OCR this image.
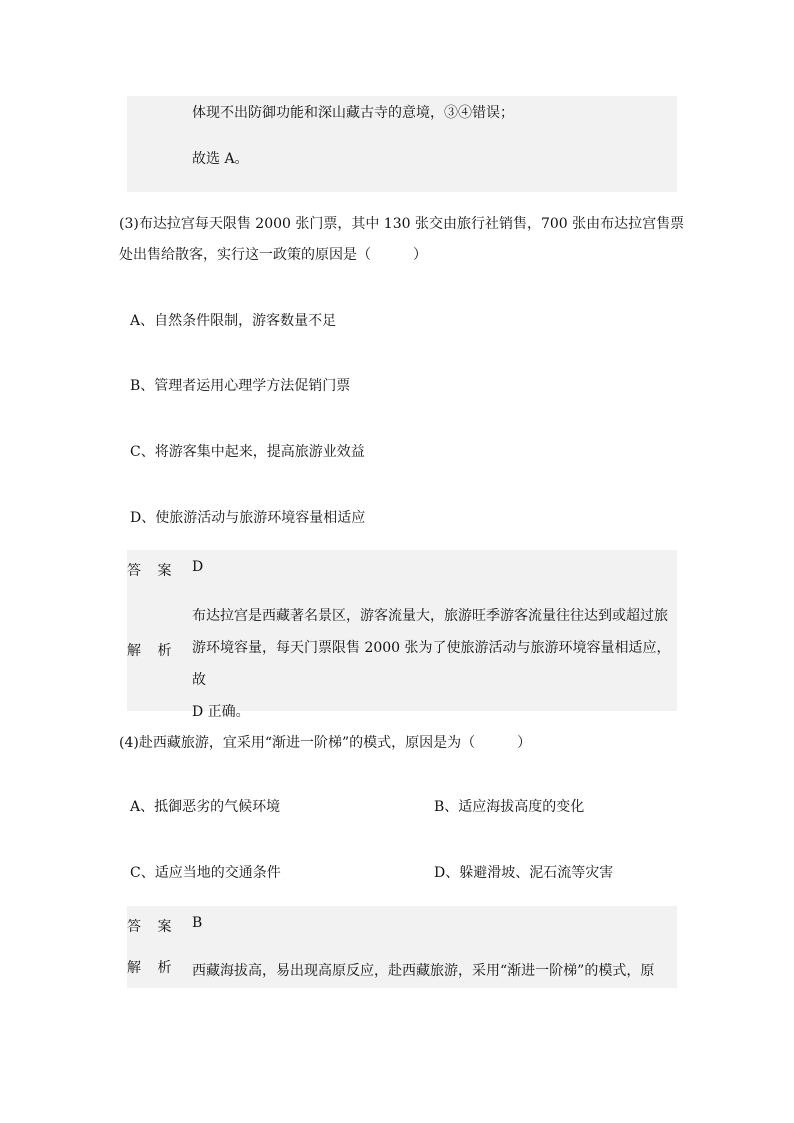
体现不出防御功能和深山藏古寺的意境，③④错误；
故选 A。
(3)布达拉宫每天限售 2000 张门票，其中 130 张交由旅行社销售，700 张由布达拉宫售票
处出售给散客，实行这一政策的原因是（　　　）
A、自然条件限制，游客数量不足
B、管理者运用心理学方法促销门票
C、将游客集中起来，提高旅游业效益
D、使旅游活动与旅游环境容量相适应
答 案 D
解 析
布达拉宫是西藏著名景区，游客流量大，旅游旺季游客流量往往达到或超过旅
游环境容量，每天门票限售 2000 张为了使旅游活动与旅游环境容量相适应，故
D 正确。
(4)赴西藏旅游，宜采用“渐进一阶梯”的模式，原因是为（　　　）
A、抵御恶劣的气候环境	B、适应海拔高度的变化
C、适应当地的交通条件	D、躲避滑坡、泥石流等灾害
答 案 B
解 析 西藏海拔高，易出现高原反应，赴西藏旅游，采用“渐进一阶梯”的模式，原
